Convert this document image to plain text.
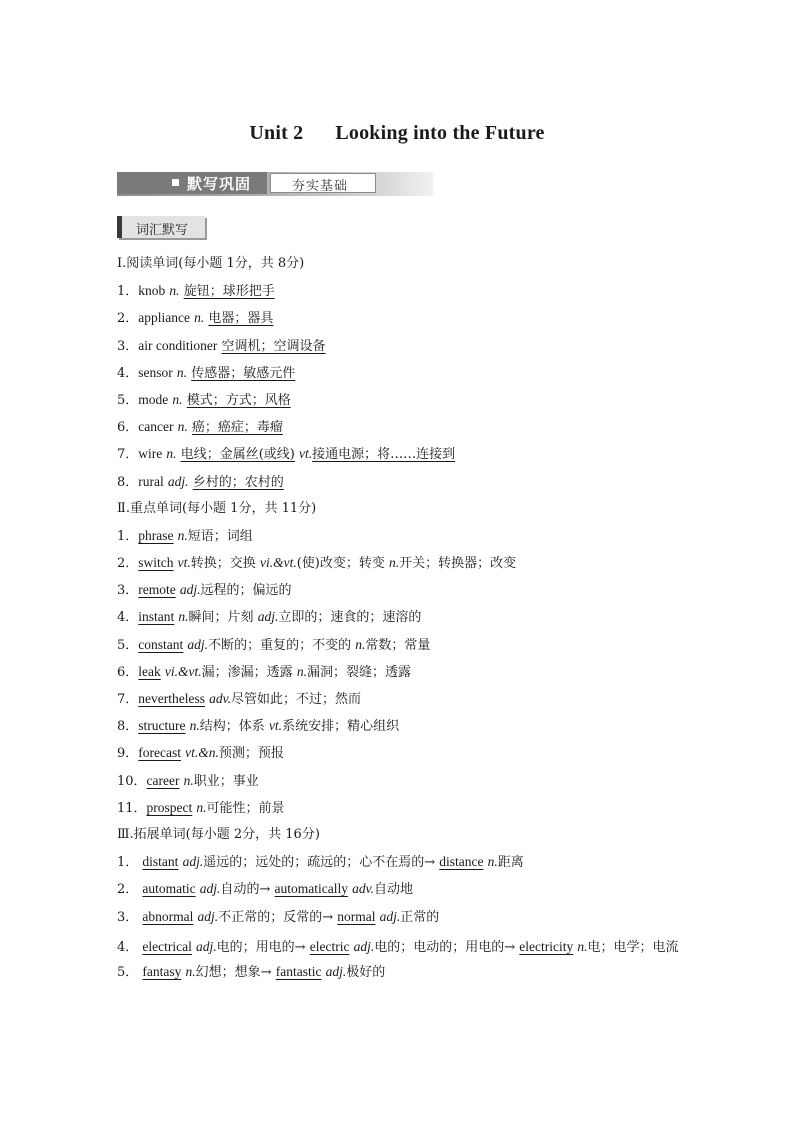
Unit 2 Looking into the Future
默写巩固	夯实基础
词汇默写
Ⅰ.阅读单词(每小题 1分，共 8分)
1．knob n. 旋钮；球形把手
2．appliance n. 电器；器具
3．air conditioner 空调机；空调设备
4．sensor n. 传感器；敏感元件
5．mode n. 模式；方式；风格
6．cancer n. 癌；癌症；毒瘤
7．wire n. 电线；金属丝(或线) vt.接通电源；将……连接到
8．rural adj. 乡村的；农村的
Ⅱ.重点单词(每小题 1分，共 11分)
1．phrase n.短语；词组
2．switch vt.转换；交换 vi.&vt.(使)改变；转变 n.开关；转换器；改变
3．remote adj.远程的；偏远的
4．instant n.瞬间；片刻 adj.立即的；速食的；速溶的
5．constant adj.不断的；重复的；不变的 n.常数；常量
6．leak vi.&vt.漏；渗漏；透露 n.漏洞；裂缝；透露
7．nevertheless adv.尽管如此；不过；然而
8．structure n.结构；体系 vt.系统安排；精心组织
9．forecast vt.&n.预测；预报
10．career n.职业；事业
11．prospect n.可能性；前景
Ⅲ.拓展单词(每小题 2分，共 16分)
1． distant adj.遥远的；远处的；疏远的；心不在焉的→ distance n.距离
2． automatic adj.自动的→ automatically adv.自动地
3． abnormal adj.不正常的；反常的→ normal adj.正常的
4． electrical adj.电的；用电的→ electric adj.电的；电动的；用电的→ electricity n.电；电学；电流
5． fantasy n.幻想；想象→ fantastic adj.极好的
